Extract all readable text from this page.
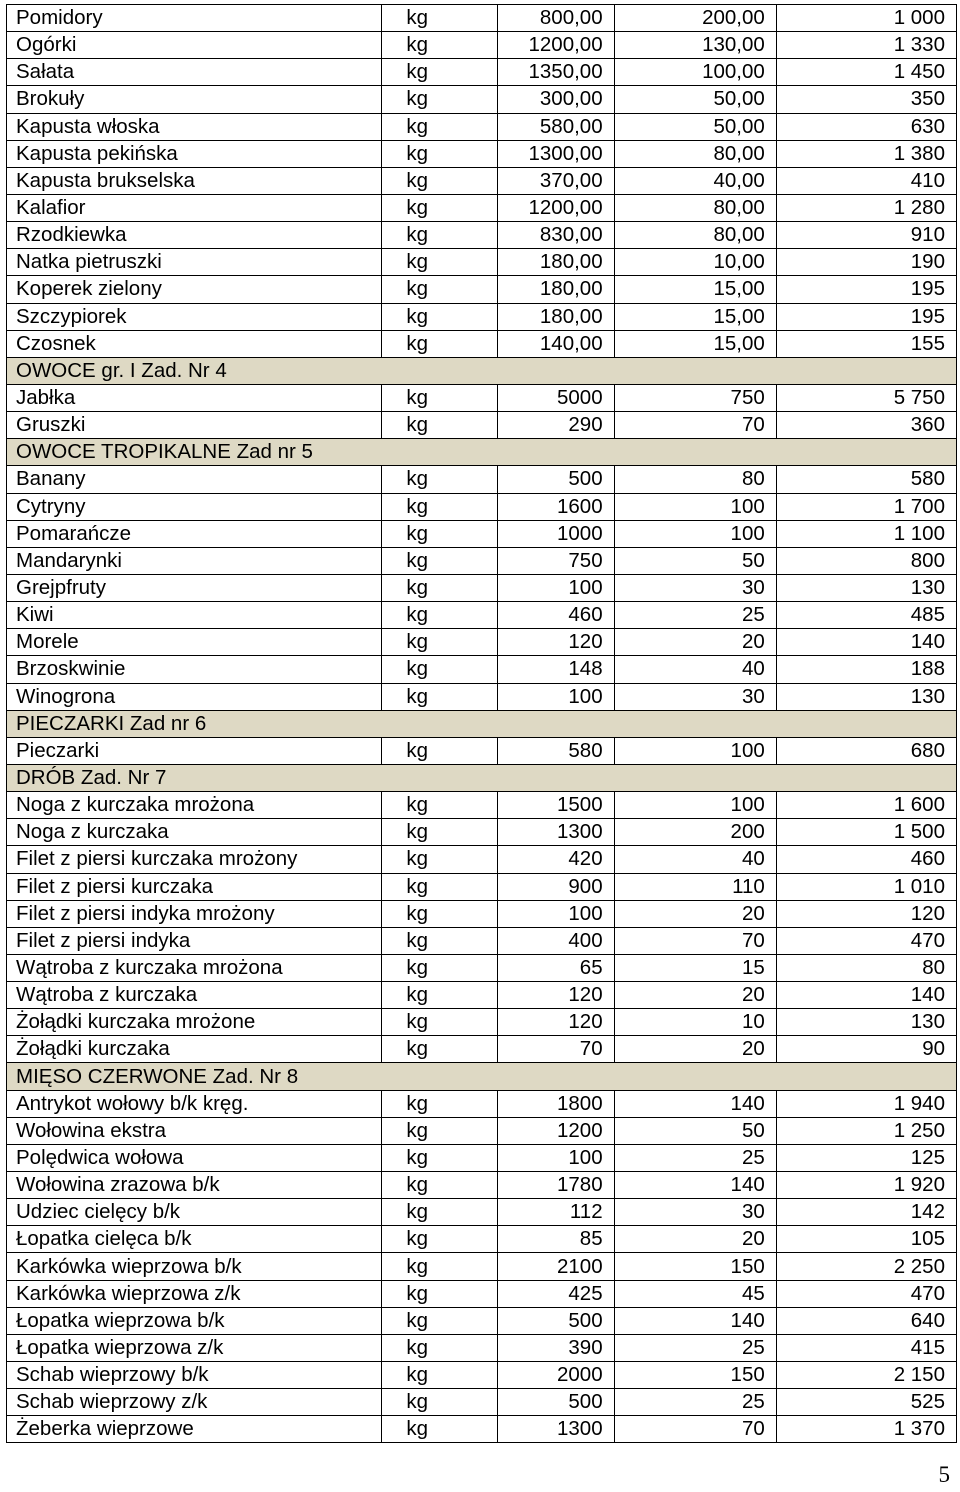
Pomidory	kg	800,00	200,00	1 000
Ogórki	kg	1200,00	130,00	1 330
Sałata	kg	1350,00	100,00	1 450
Brokuły	kg	300,00	50,00	350
Kapusta włoska	kg	580,00	50,00	630
Kapusta pekińska	kg	1300,00	80,00	1 380
Kapusta brukselska	kg	370,00	40,00	410
Kalafior	kg	1200,00	80,00	1 280
Rzodkiewka	kg	830,00	80,00	910
Natka pietruszki	kg	180,00	10,00	190
Koperek zielony	kg	180,00	15,00	195
Szczypiorek	kg	180,00	15,00	195
Czosnek	kg	140,00	15,00	155
OWOCE gr. I Zad. Nr 4				
Jabłka	kg	5000	750	5 750
Gruszki	kg	290	70	360
OWOCE TROPIKALNE Zad nr 5				
Banany	kg	500	80	580
Cytryny	kg	1600	100	1 700
Pomarańcze	kg	1000	100	1 100
Mandarynki	kg	750	50	800
Grejpfruty	kg	100	30	130
Kiwi	kg	460	25	485
Morele	kg	120	20	140
Brzoskwinie	kg	148	40	188
Winogrona	kg	100	30	130
PIECZARKI Zad nr 6				
Pieczarki	kg	580	100	680
DRÓB Zad. Nr 7				
Noga z kurczaka mrożona	kg	1500	100	1 600
Noga z kurczaka	kg	1300	200	1 500
Filet z piersi kurczaka mrożony	kg	420	40	460
Filet z piersi kurczaka	kg	900	110	1 010
Filet z piersi indyka mrożony	kg	100	20	120
Filet z piersi indyka	kg	400	70	470
Wątroba z kurczaka mrożona	kg	65	15	80
Wątroba z kurczaka	kg	120	20	140
Żołądki kurczaka mrożone	kg	120	10	130
Żołądki kurczaka	kg	70	20	90
MIĘSO CZERWONE Zad. Nr 8				
Antrykot wołowy b/k kręg.	kg	1800	140	1 940
Wołowina ekstra	kg	1200	50	1 250
Polędwica wołowa	kg	100	25	125
Wołowina zrazowa b/k	kg	1780	140	1 920
Udziec cielęcy b/k	kg	112	30	142
Łopatka cielęca b/k	kg	85	20	105
Karkówka wieprzowa b/k	kg	2100	150	2 250
Karkówka wieprzowa z/k	kg	425	45	470
Łopatka wieprzowa b/k	kg	500	140	640
Łopatka wieprzowa z/k	kg	390	25	415
Schab wieprzowy b/k	kg	2000	150	2 150
Schab wieprzowy z/k	kg	500	25	525
Żeberka wieprzowe	kg	1300	70	1 370
5
